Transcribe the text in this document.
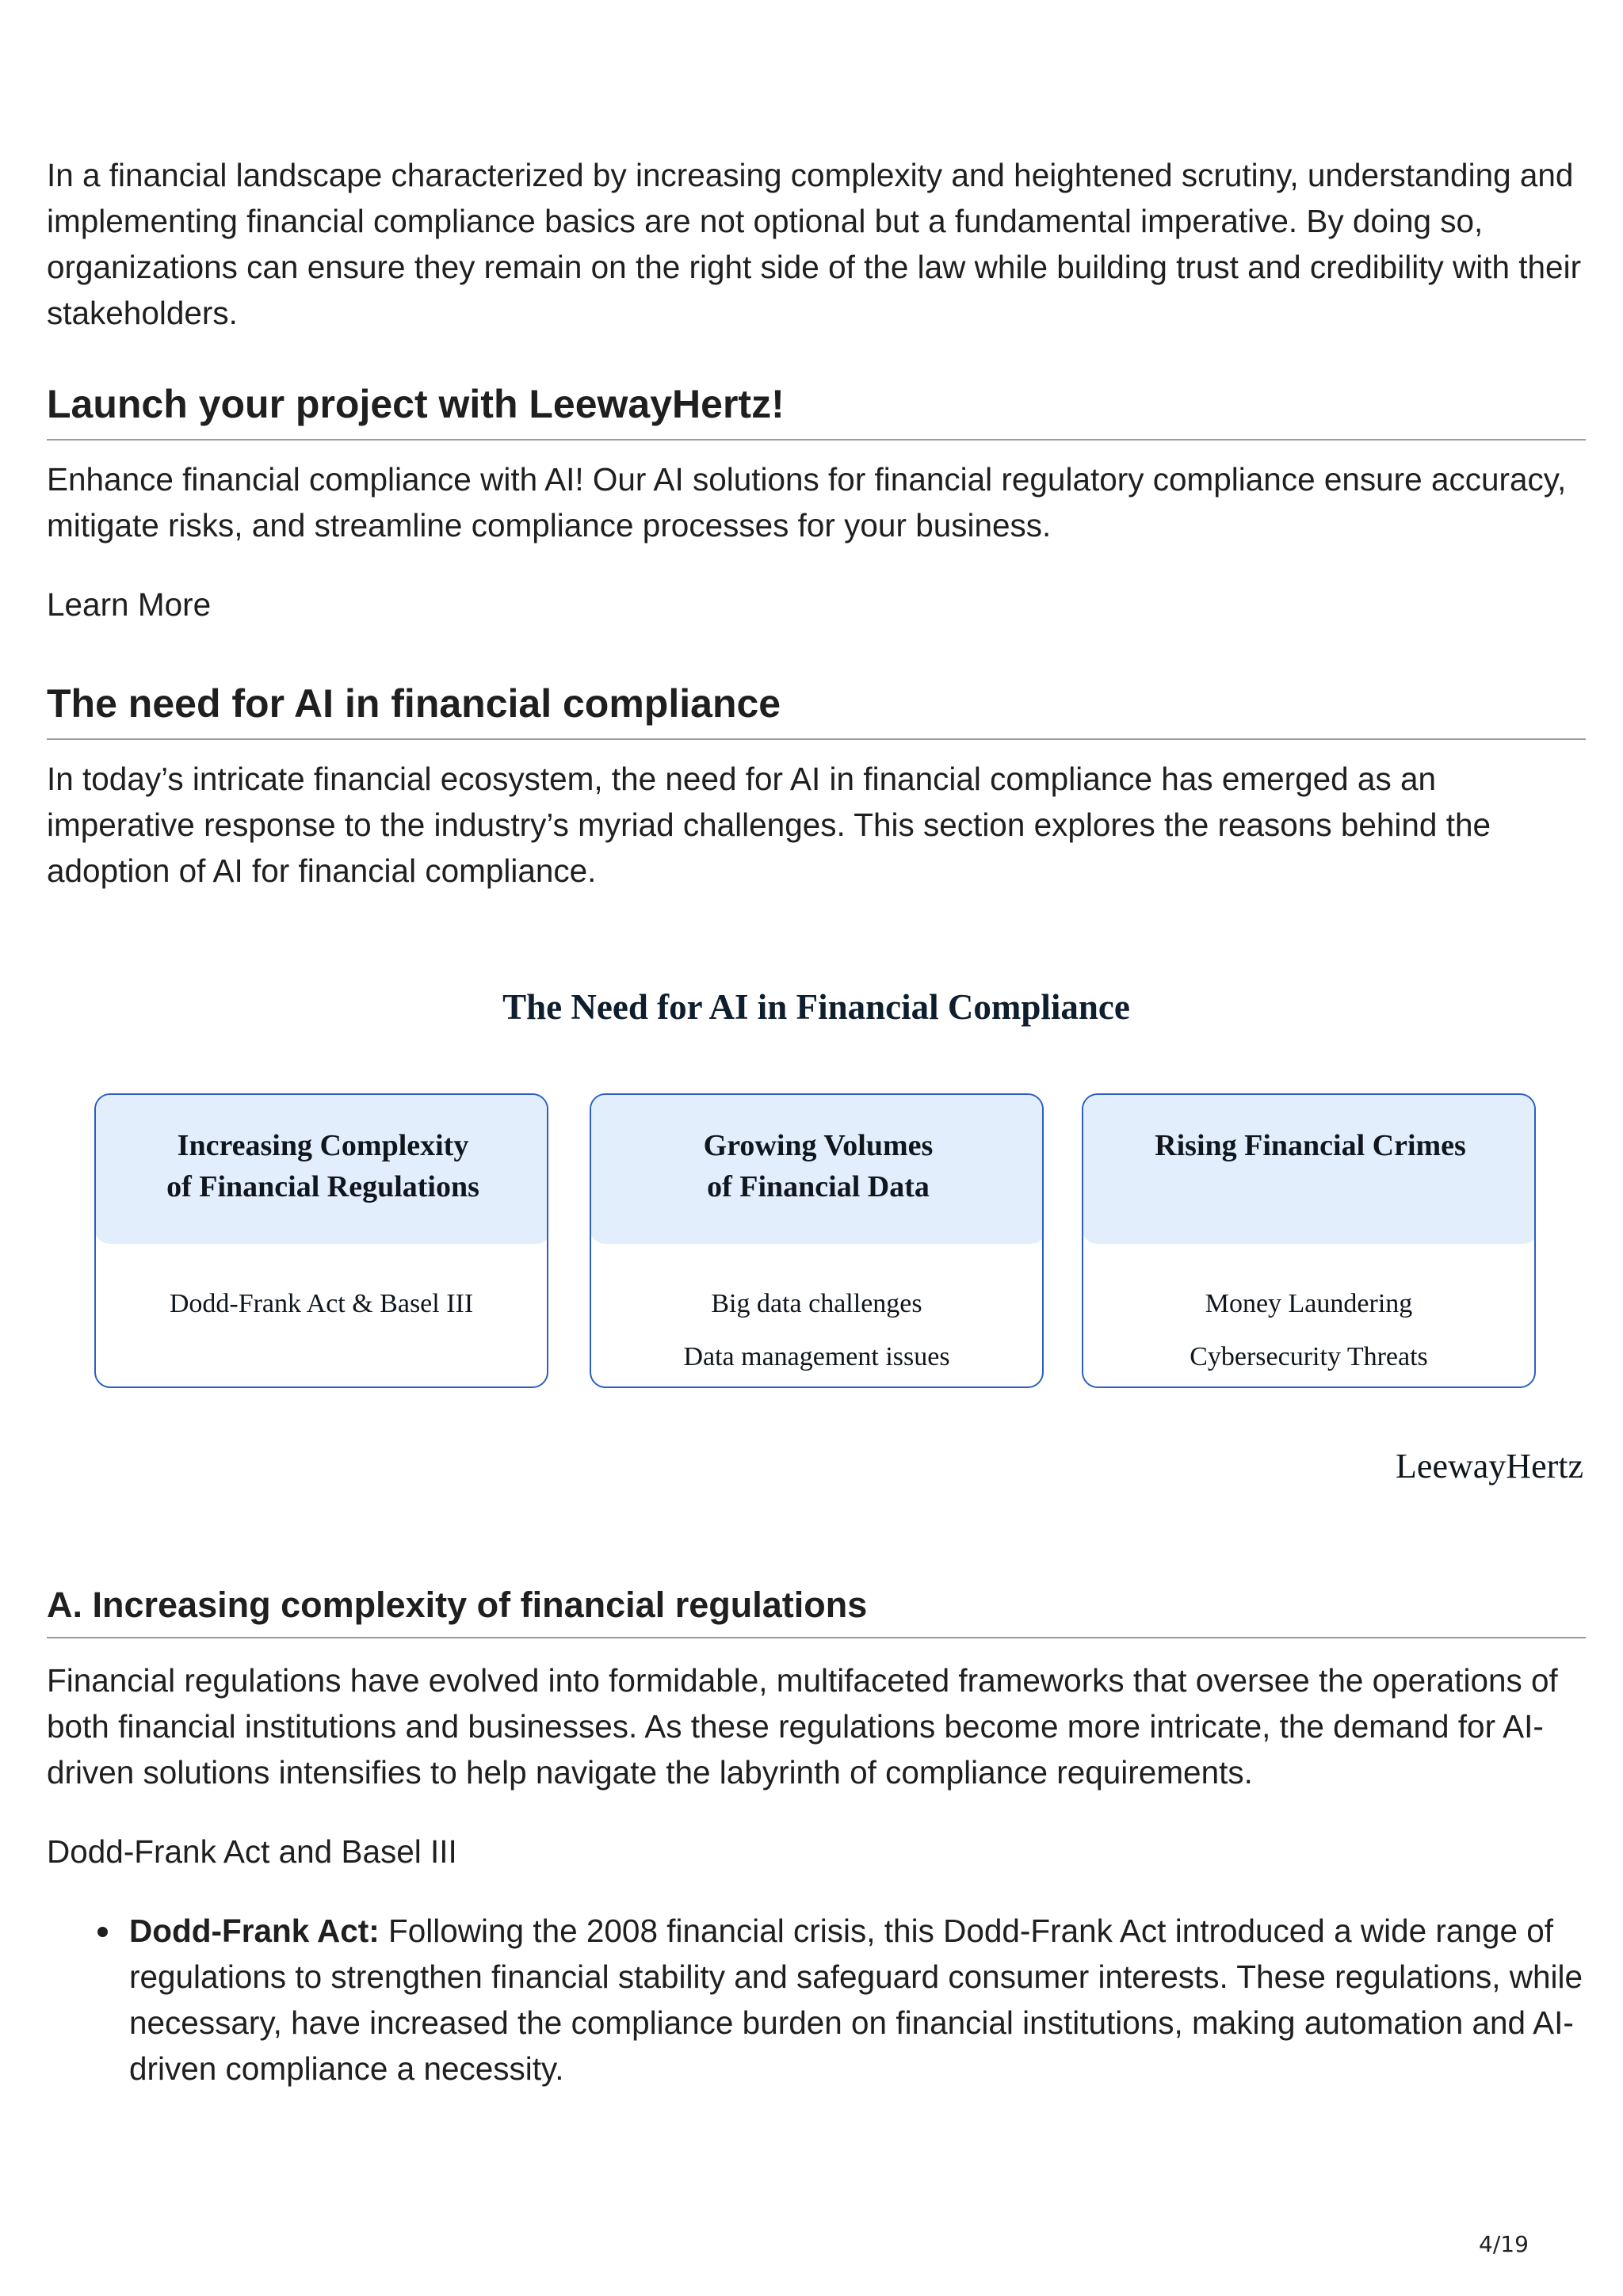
In a financial landscape characterized by increasing complexity and heightened scrutiny, understanding and implementing financial compliance basics are not optional but a fundamental imperative. By doing so, organizations can ensure they remain on the right side of the law while building trust and credibility with their stakeholders.

Launch your project with LeewayHertz!

Enhance financial compliance with AI! Our AI solutions for financial regulatory compliance ensure accuracy, mitigate risks, and streamline compliance processes for your business.

Learn More
The need for AI in financial compliance

In today’s intricate financial ecosystem, the need for AI in financial compliance has emerged as an imperative response to the industry’s myriad challenges. This section explores the reasons behind the adoption of AI for financial compliance.

The Need for AI in Financial Compliance
Increasing Complexity
of Financial Regulations
Dodd-Frank Act & Basel III
Growing Volumes
of Financial Data
Big data challenges
Data management issues
Rising Financial Crimes
Money Laundering
Cybersecurity Threats
LeewayHertz
A. Increasing complexity of financial regulations

Financial regulations have evolved into formidable, multifaceted frameworks that oversee the operations of both financial institutions and businesses. As these regulations become more intricate, the demand for AI-driven solutions intensifies to help navigate the labyrinth of compliance requirements.

Dodd-Frank Act and Basel III

Dodd-Frank Act: Following the 2008 financial crisis, this Dodd-Frank Act introduced a wide range of regulations to strengthen financial stability and safeguard consumer interests. These regulations, while necessary, have increased the compliance burden on financial institutions, making automation and AI-driven compliance a necessity.
4/19
